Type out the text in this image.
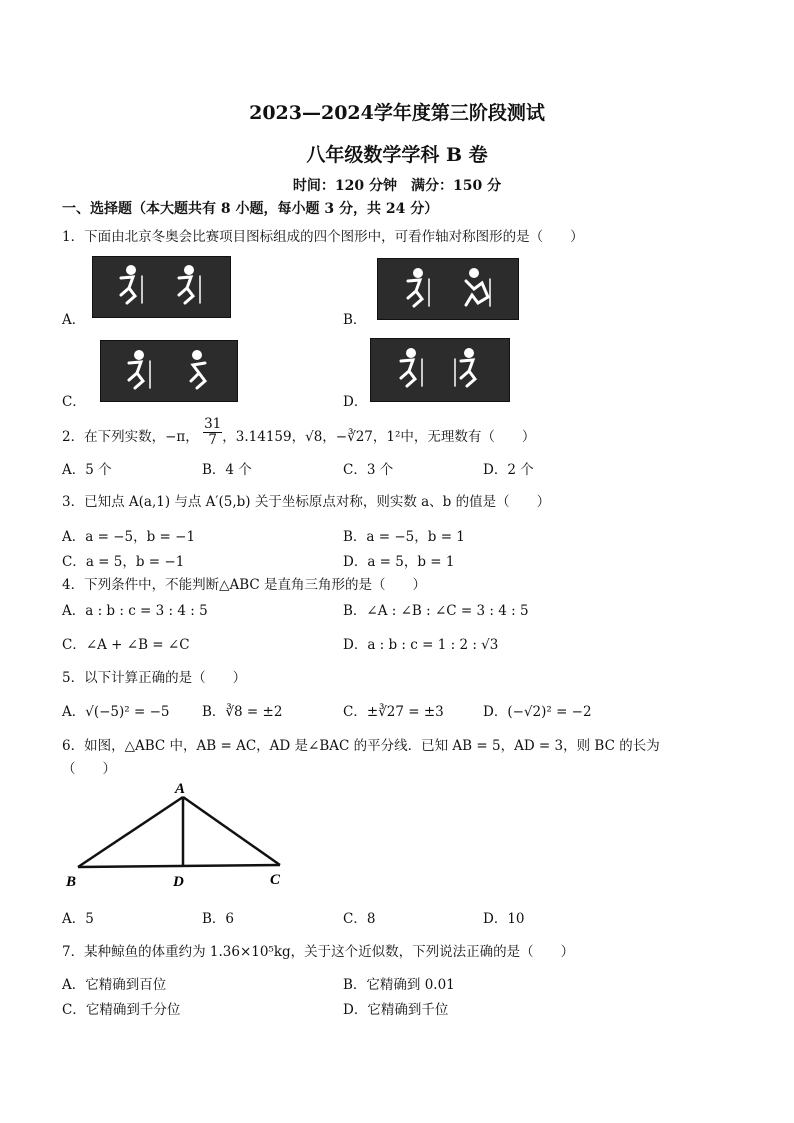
2023—2024学年度第三阶段测试
八年级数学学科 B 卷
时间：120 分钟　满分：150 分
一、选择题（本大题共有 8 小题，每小题 3 分，共 24 分）
1．下面由北京冬奥会比赛项目图标组成的四个图形中，可看作轴对称图形的是（　　）
A．	B．
C．	D．
2．在下列实数，−π， $\frac{31}{7}$ ，3.14159，√8，−∛27，1²中，无理数有（　　）
A．5 个	B．4 个	C．3 个	D．2 个
3．已知点 A(a,1) 与点 A′(5,b) 关于坐标原点对称，则实数 a、b 的值是（　　）
A．a = −5，b = −1	B．a = −5，b = 1
C．a = 5，b = −1	D．a = 5，b = 1
4．下列条件中，不能判断△ABC 是直角三角形的是（　　）
A．a : b : c = 3 : 4 : 5	B．∠A : ∠B : ∠C = 3 : 4 : 5
C．∠A + ∠B = ∠C	D．a : b : c = 1 : 2 : √3
5．以下计算正确的是（　　）
A．√(−5)² = −5 B．∛8 = ±2	C．±∛27 = ±3	D．(−√2)² = −2
6．如图，△ABC 中，AB = AC，AD 是∠BAC 的平分线．已知 AB = 5，AD = 3，则 BC 的长为
（　　）
A
B	D	C
A．5	B．6	C．8	D．10
7．某种鲸鱼的体重约为 1.36×10⁵kg，关于这个近似数，下列说法正确的是（　　）
A．它精确到百位	B．它精确到 0.01
C．它精确到千分位	D．它精确到千位
